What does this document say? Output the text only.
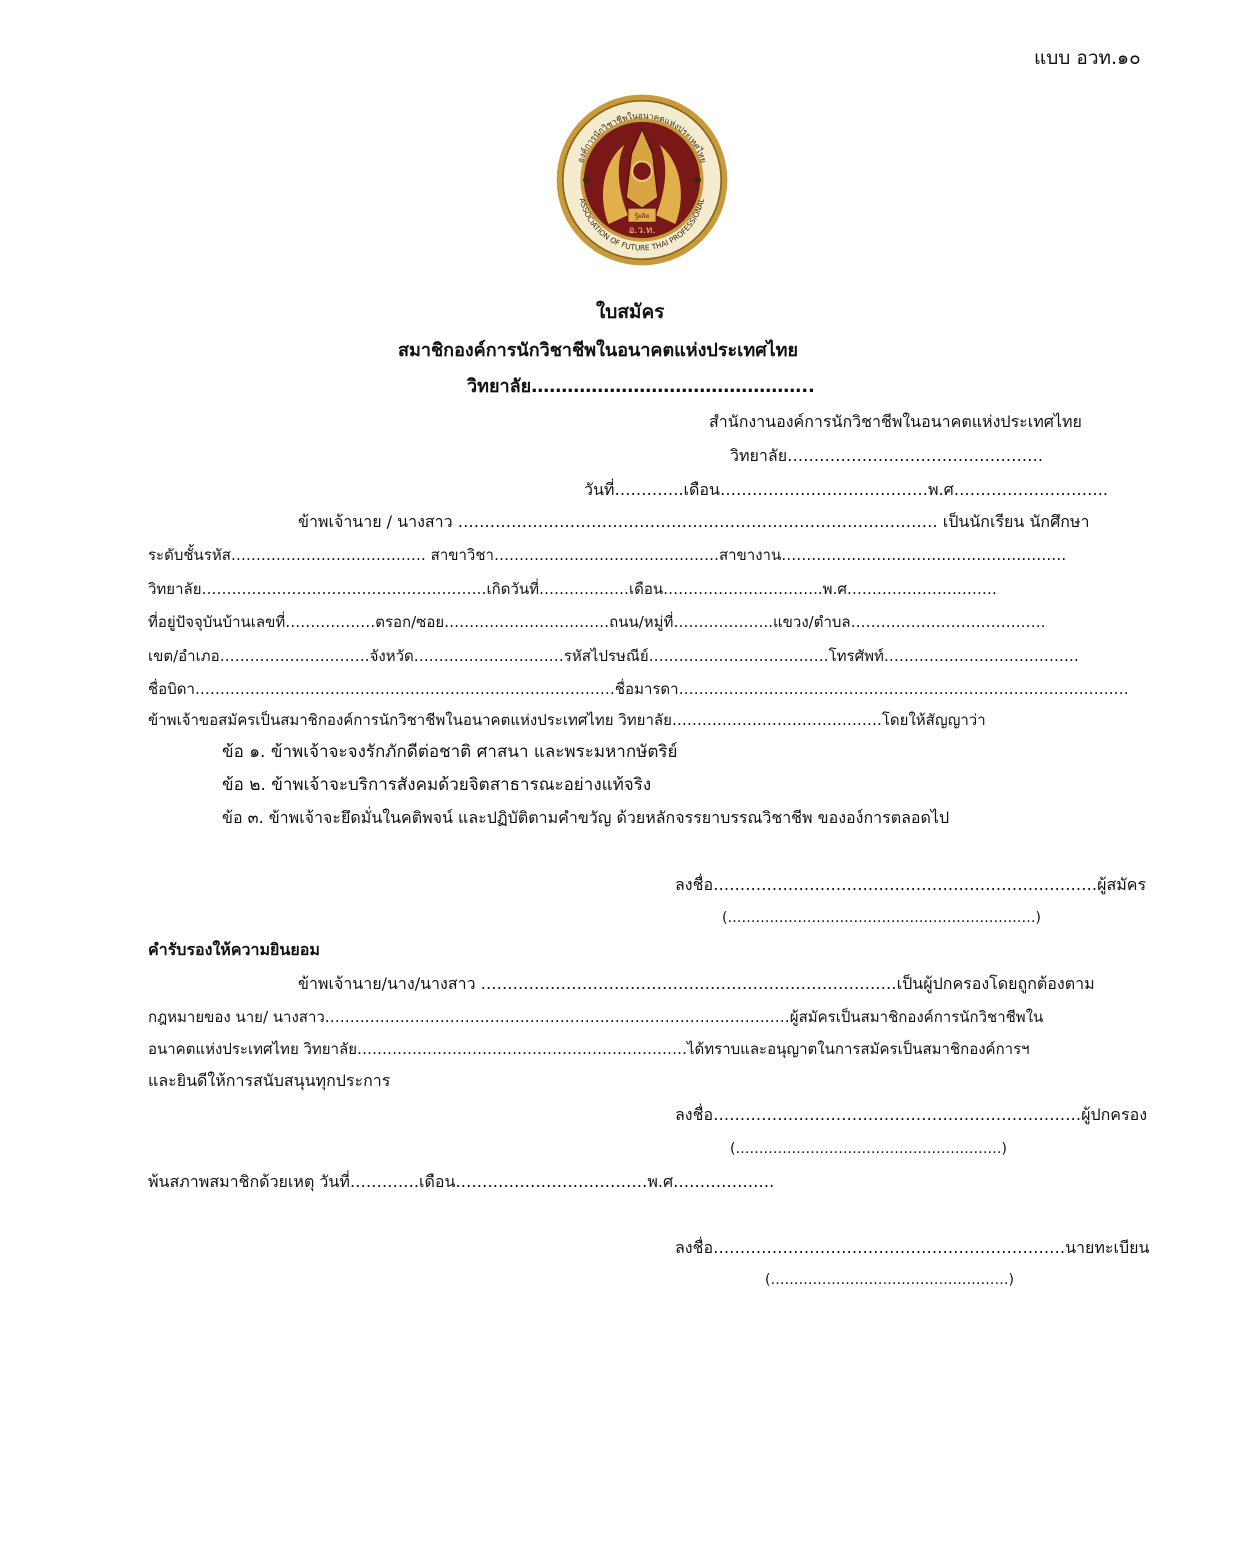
แบบ อวท.๑๐
องค์การนักวิชาชีพในอนาคตแห่งประเทศไทย
ASSOCIATION OF FUTURE THAI PROFESSIONAL
รู้ผลิต
อ.ว.ท.
ใบสมัคร
สมาชิกองค์การนักวิชาชีพในอนาคตแห่งประเทศไทย
วิทยาลัย………………………………………..
สำนักงานองค์การนักวิชาชีพในอนาคตแห่งประเทศไทย
วิทยาลัย…………………………………………
วันที่………….เดือน…………………………………พ.ศ………………………..
ข้าพเจ้านาย / นางสาว ……………………………………………………………………………… เป็นนักเรียน นักศึกษา
ระดับชั้นรหัส………………………………… สาขาวิชา………………………………………สาขางาน…………………………………………………
วิทยาลัย…………………………………………………เกิดวันที่………………เดือน…………………………..พ.ศ…………………………
ที่อยู่ปัจจุบันบ้านเลขที่………………ตรอก/ซอย……………………………ถนน/หมู่ที่………………..แขวง/ตำบล…………………………………
เขต/อำเภอ…………………………จังหวัด…………………………รหัสไปรษณีย์………………………………โทรศัพท์…………………………………
ชื่อบิดา…………………………………………………………………………ชื่อมารดา………………………………………………………………………………
ข้าพเจ้าขอสมัครเป็นสมาชิกองค์การนักวิชาชีพในอนาคตแห่งประเทศไทย วิทยาลัย……………………………………โดยให้สัญญาว่า
ข้อ ๑. ข้าพเจ้าจะจงรักภักดีต่อชาติ ศาสนา และพระมหากษัตริย์
ข้อ ๒. ข้าพเจ้าจะบริการสังคมด้วยจิตสาธารณะอย่างแท้จริง
ข้อ ๓. ข้าพเจ้าจะยึดมั่นในคติพจน์ และปฏิบัติตามคำขวัญ ด้วยหลักจรรยาบรรณวิชาชีพ ขององ์การตลอดไป
ลงชื่อ………………………………………………………………ผู้สมัคร
(…………………………………………………………)
คำรับรองให้ความยินยอม
ข้าพเจ้านาย/นาง/นางสาว ……………………………………………………………………เป็นผู้ปกครองโดยถูกต้องตาม
กฎหมายของ นาย/ นางสาว…………………………………………………………………………………ผู้สมัครเป็นสมาชิกองค์การนักวิชาชีพใน
อนาคตแห่งประเทศไทย วิทยาลัย…………………………………………………………ได้ทราบและอนุญาตในการสมัครเป็นสมาชิกองค์การฯ
และยินดีให้การสนับสนุนทุกประการ
ลงชื่อ……………………………………………………………ผู้ปกครอง
(…………………………………………………)
พ้นสภาพสมาชิกด้วยเหตุ วันที่………….เดือน………………………………พ.ศ……………….
ลงชื่อ…………………………………………………………นายทะเบียน
(……………………………………………)
